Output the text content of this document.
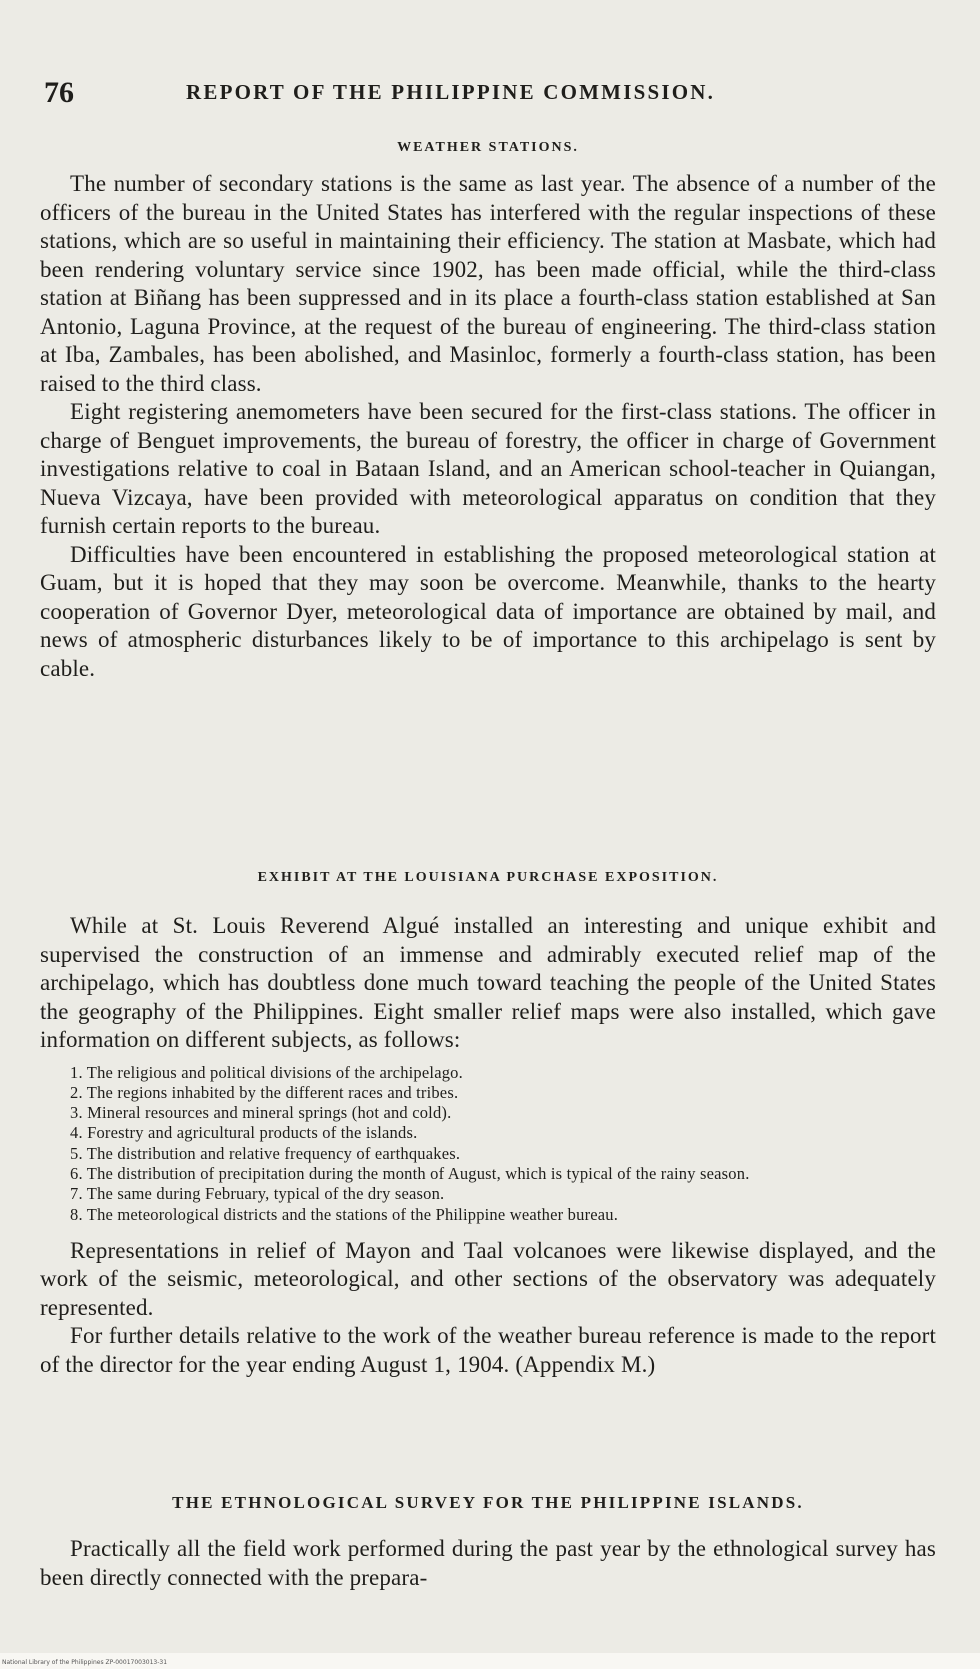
76	REPORT OF THE PHILIPPINE COMMISSION.
WEATHER STATIONS.

The number of secondary stations is the same as last year. The absence of a number of the officers of the bureau in the United States has interfered with the regular inspections of these stations, which are so useful in maintaining their efficiency. The station at Masbate, which had been rendering voluntary service since 1902, has been made official, while the third-class station at Biñang has been suppressed and in its place a fourth-class station established at San Antonio, Laguna Province, at the request of the bureau of engineering. The third-class station at Iba, Zambales, has been abolished, and Masinloc, formerly a fourth-class station, has been raised to the third class.

Eight registering anemometers have been secured for the first-class stations. The officer in charge of Benguet improvements, the bureau of forestry, the officer in charge of Government investigations relative to coal in Bataan Island, and an American school-teacher in Quiangan, Nueva Vizcaya, have been provided with meteorological apparatus on condition that they furnish certain reports to the bureau.

Difficulties have been encountered in establishing the proposed meteorological station at Guam, but it is hoped that they may soon be overcome. Meanwhile, thanks to the hearty cooperation of Governor Dyer, meteorological data of importance are obtained by mail, and news of atmospheric disturbances likely to be of importance to this archipelago is sent by cable.

EXHIBIT AT THE LOUISIANA PURCHASE EXPOSITION.

While at St. Louis Reverend Algué installed an interesting and unique exhibit and supervised the construction of an immense and admirably executed relief map of the archipelago, which has doubtless done much toward teaching the people of the United States the geography of the Philippines. Eight smaller relief maps were also installed, which gave information on different subjects, as follows:

1. The religious and political divisions of the archipelago.
2. The regions inhabited by the different races and tribes.
3. Mineral resources and mineral springs (hot and cold).
4. Forestry and agricultural products of the islands.
5. The distribution and relative frequency of earthquakes.
6. The distribution of precipitation during the month of August, which is typical of the rainy season.
7. The same during February, typical of the dry season.
8. The meteorological districts and the stations of the Philippine weather bureau.

Representations in relief of Mayon and Taal volcanoes were likewise displayed, and the work of the seismic, meteorological, and other sections of the observatory was adequately represented.

For further details relative to the work of the weather bureau reference is made to the report of the director for the year ending August 1, 1904. (Appendix M.)

THE ETHNOLOGICAL SURVEY FOR THE PHILIPPINE ISLANDS.

Practically all the field work performed during the past year by the ethnological survey has been directly connected with the prepara-

National Library of the Philippines ZP-00017003013-31
